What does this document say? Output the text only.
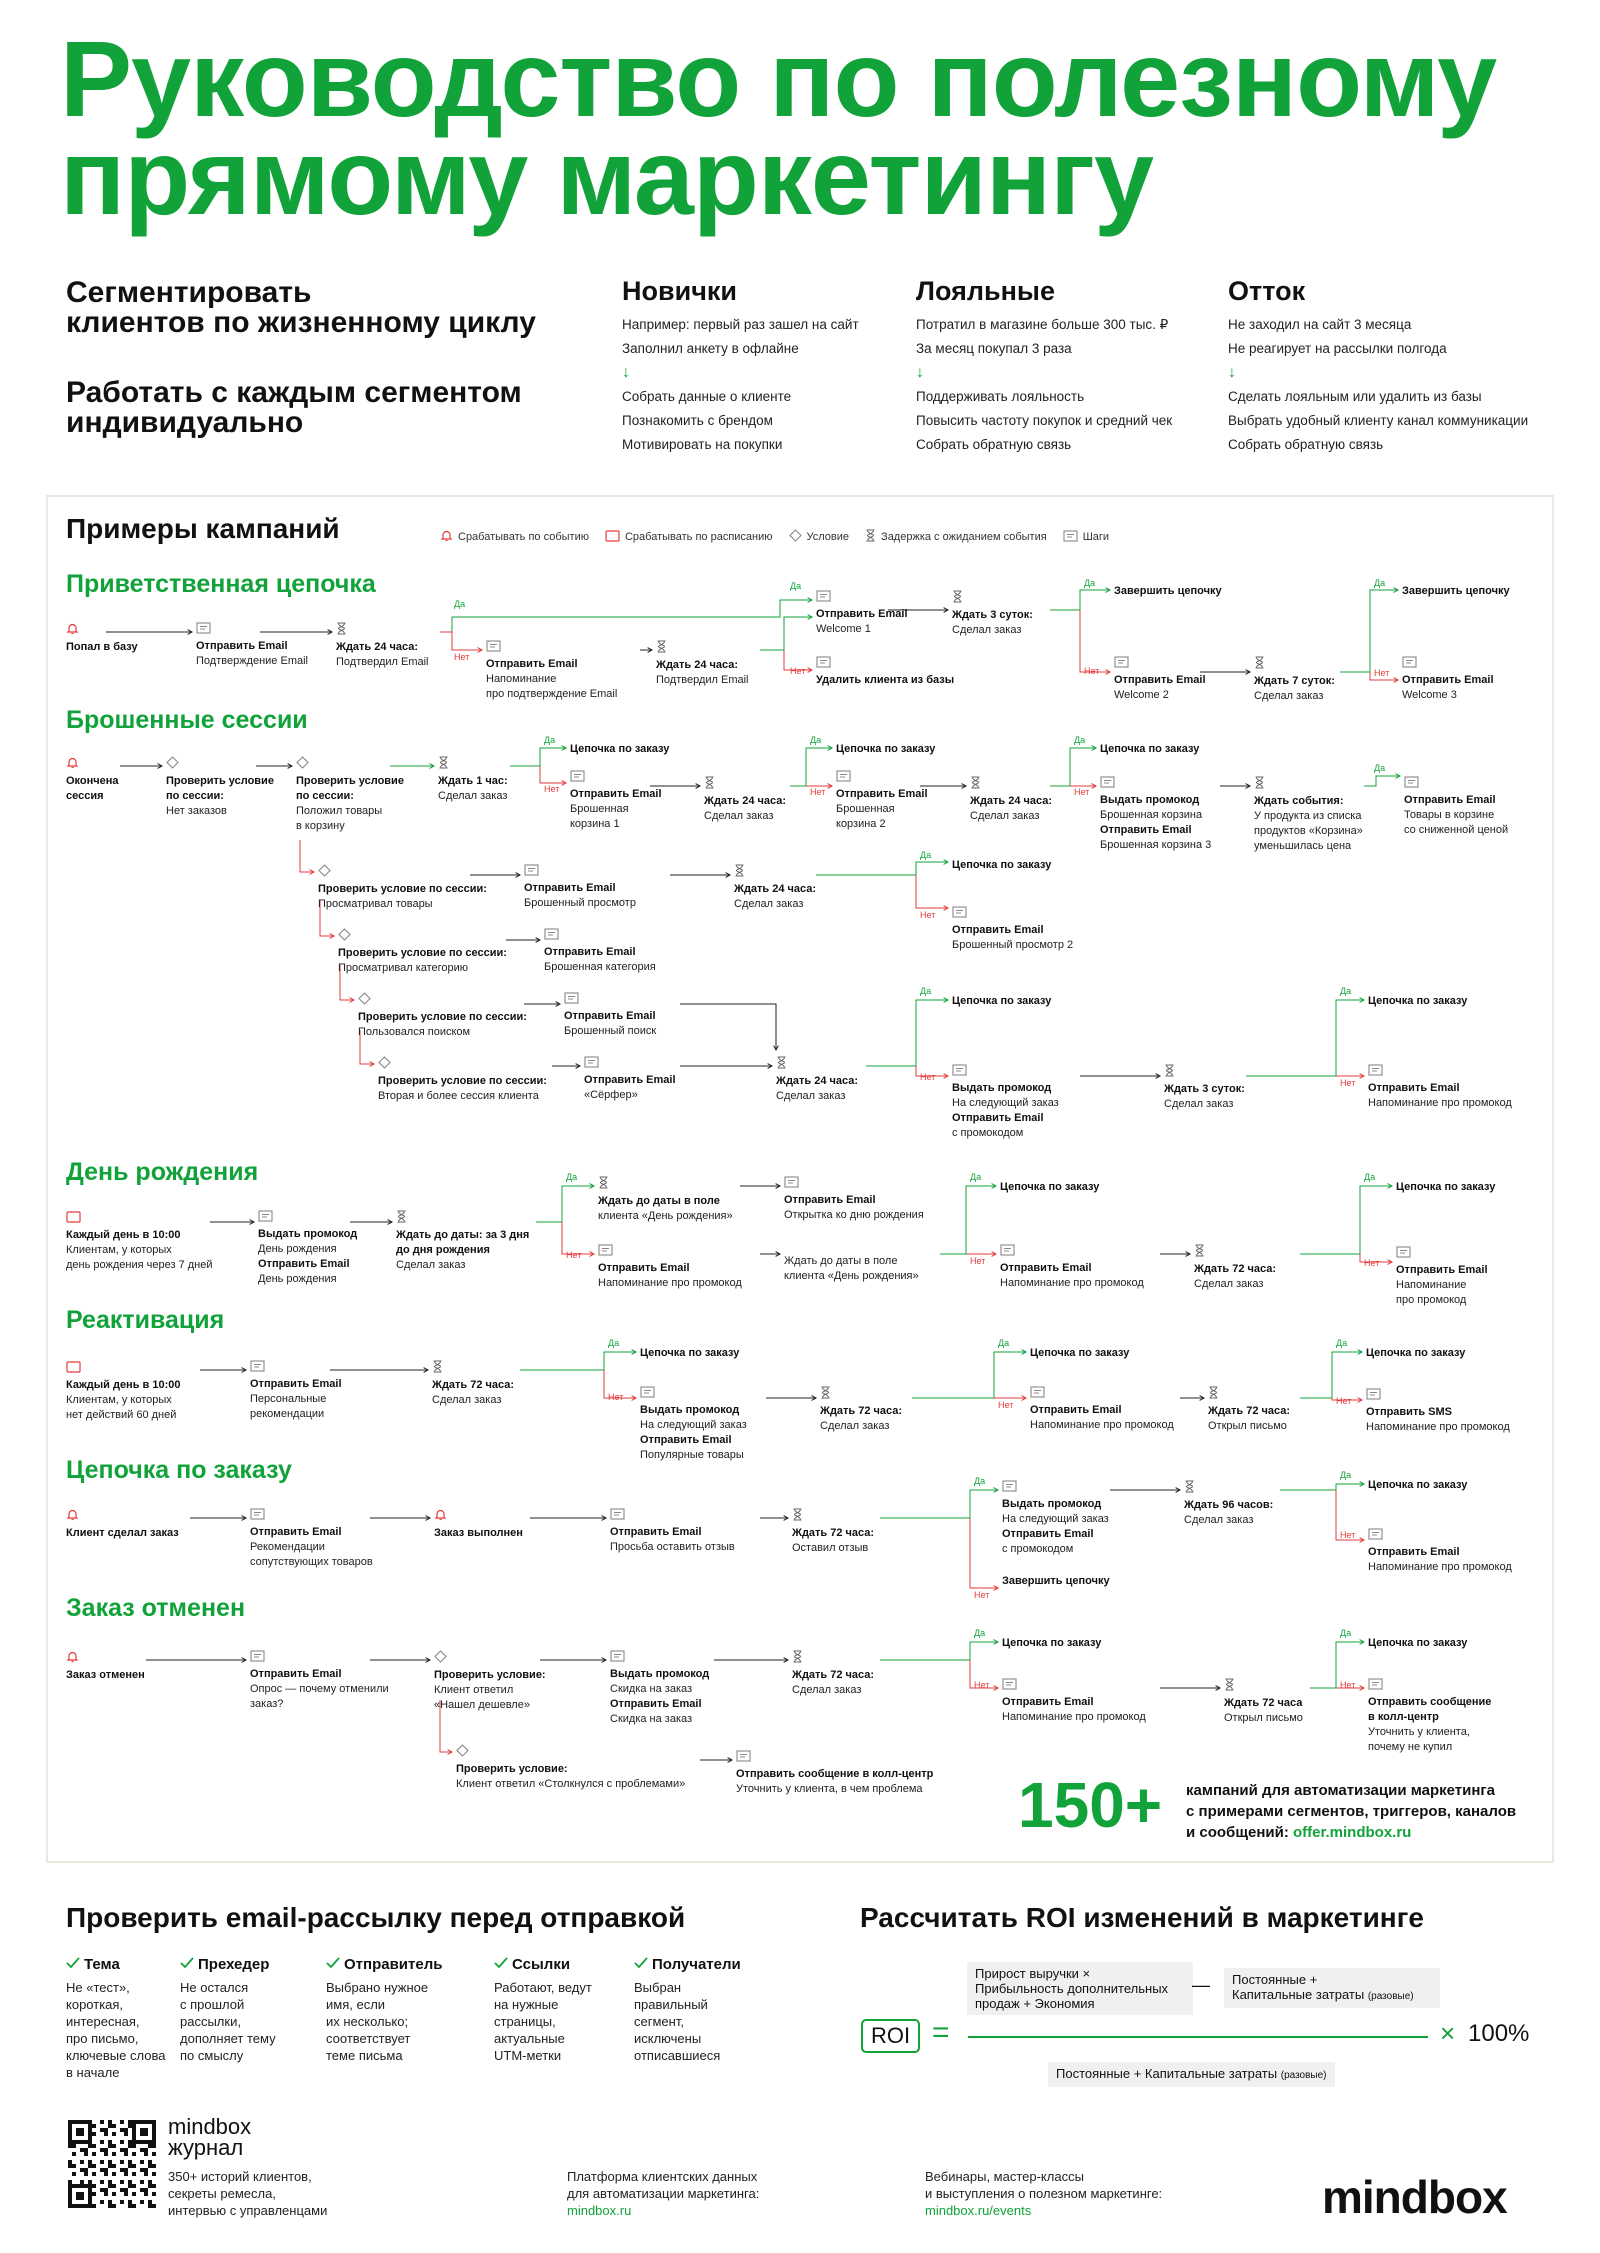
Руководство по полезному
прямому маркетингу
Сегментировать
клиентов по жизненному циклу
Работать с каждым сегментом
индивидуально
Новички
Например: первый раз зашел на сайт
Заполнил анкету в офлайне
↓
Собрать данные о клиенте
Познакомить с брендом
Мотивировать на покупки
Лояльные
Потратил в магазине больше 300 тыс. ₽
За месяц покупал 3 раза
↓
Поддерживать лояльность
Повысить частоту покупок и средний чек
Собрать обратную связь
Отток
Не заходил на сайт 3 месяца
Не реагирует на рассылки полгода
↓
Сделать лояльным или удалить из базы
Выбрать удобный клиенту канал коммуникации
Собрать обратную связь
Примеры кампаний	Срабатывать по событию	Срабатывать по расписанию	Условие	Задержка с ожиданием события	Шаги
Приветственная цепочка
Попал в базу	Отправить Email
Подтверждение Email
Ждать 24 часа:
Подтвердил Email
Да
Нет
Отправить Email
Напоминание
про подтверждение Email
Ждать 24 часа:
Подтвердил Email
Отправить Email
Welcome 1
Удалить клиента из базы
Да
Нет
Ждать 3 суток:
Сделал заказ
Да
Нет
Завершить цепочку
Отправить Email
Welcome 2
Ждать 7 суток:
Сделал заказ
Да
Нет
Завершить цепочку
Отправить Email
Welcome 3
Брошенные сессии
Окончена
сессия
Проверить условие
по сессии:
Нет заказов
Проверить условие
по сессии:
Положил товары
в корзину
Ждать 1 час:
Сделал заказ
Да
Нет
Цепочка по заказу
Отправить Email
Брошенная
корзина 1
Ждать 24 часа:
Сделал заказ
Да
Нет
Цепочка по заказу
Отправить Email
Брошенная
корзина 2
Ждать 24 часа:
Сделал заказ
Да
Нет
Цепочка по заказу
Выдать промокод
Брошенная корзина
Отправить Email
Брошенная корзина 3
Ждать события:
У продукта из списка
продуктов «Корзина»
уменьшилась цена
Да
Отправить Email
Товары в корзине
со сниженной ценой
Проверить условие по сессии:
Просматривал товары
Отправить Email
Брошенный просмотр
Ждать 24 часа:
Сделал заказ
Да
Нет
Цепочка по заказу
Отправить Email
Брошенный просмотр 2
Проверить условие по сессии:
Просматривал категорию
Отправить Email
Брошенная категория
Проверить условие по сессии:
Пользовался поиском
Отправить Email
Брошенный поиск
Проверить условие по сессии:
Вторая и более сессия клиента
Отправить Email
«Сёрфер»
Ждать 24 часа:
Сделал заказ
Да
Нет
Цепочка по заказу
Выдать промокод
На следующий заказ
Отправить Email
с промокодом
Ждать 3 суток:
Сделал заказ
Да
Нет
Цепочка по заказу
Отправить Email
Напоминание про промокод
День рождения
Каждый день в 10:00
Клиентам, у которых
день рождения через 7 дней
Выдать промокод
День рождения
Отправить Email
День рождения
Ждать до даты: за 3 дня
до дня рождения
Сделал заказ
Да
Нет
Ждать до даты в поле
клиента «День рождения»
Отправить Email
Открытка ко дню рождения
Отправить Email
Напоминание про промокод
Ждать до даты в поле
клиента «День рождения»
Да
Нет
Цепочка по заказу
Отправить Email
Напоминание про промокод
Ждать 72 часа:
Сделал заказ
Да
Нет
Цепочка по заказу
Отправить Email
Напоминание
про промокод
Реактивация
Каждый день в 10:00
Клиентам, у которых
нет действий 60 дней
Отправить Email
Персональные
рекомендации
Ждать 72 часа:
Сделал заказ
Да
Нет
Цепочка по заказу
Выдать промокод
На следующий заказ
Отправить Email
Популярные товары
Ждать 72 часа:
Сделал заказ
Да
Нет
Цепочка по заказу
Отправить Email
Напоминание про промокод
Ждать 72 часа:
Открыл письмо
Да
Нет
Цепочка по заказу
Отправить SMS
Напоминание про промокод
Цепочка по заказу
Клиент сделал заказ	Отправить Email
Рекомендации
сопутствующих товаров
Заказ выполнен	Отправить Email
Просьба оставить отзыв
Ждать 72 часа:
Оставил отзыв
Да
Нет
Выдать промокод
На следующий заказ
Отправить Email
с промокодом
Завершить цепочку
Ждать 96 часов:
Сделал заказ
Да
Нет
Цепочка по заказу
Отправить Email
Напоминание про промокод
Заказ отменен
Заказ отменен	Отправить Email
Опрос — почему отменили
заказ?
Проверить условие:
Клиент ответил
«Нашел дешевле»
Выдать промокод
Скидка на заказ
Отправить Email
Скидка на заказ
Ждать 72 часа:
Сделал заказ
Да
Нет
Цепочка по заказу
Отправить Email
Напоминание про промокод
Ждать 72 часа
Открыл письмо
Да
Нет
Цепочка по заказу
Отправить сообщение
в колл-центр
Уточнить у клиента,
почему не купил
Проверить условие:
Клиент ответил «Столкнулся с проблемами»
Отправить сообщение в колл-центр
Уточнить у клиента, в чем проблема 150+ кампаний для автоматизации маркетинга
с примерами сегментов, триггеров, каналов
и сообщений: offer.mindbox.ru
Проверить email-рассылку перед отправкой
Тема
Не «тест»,
короткая,
интересная,
про письмо,
ключевые слова
в начале
Прехедер
Не остался
с прошлой
рассылки,
дополняет тему
по смыслу
Отправитель
Выбрано нужное
имя, если
их несколько;
соответствует
теме письма
Ссылки
Работают, ведут
на нужные
страницы,
актуальные
UTM-метки
Получатели
Выбран
правильный
сегмент,
исключены
отписавшиеся
Рассчитать ROI изменений в маркетинге
Прирост выручки ×
Прибыльность дополнительных
продаж + Экономия
— Постоянные +
Капитальные затраты (разовые)
ROI =	× 100%
Постоянные + Капитальные затраты (разовые)
mindbox
журнал
350+ историй клиентов,
секреты ремесла,
интервью с управленцами
Платформа клиентских данных
для автоматизации маркетинга:
mindbox.ru
Вебинары, мастер-классы
и выступления о полезном маркетинге:
mindbox.ru/events	mindbox
